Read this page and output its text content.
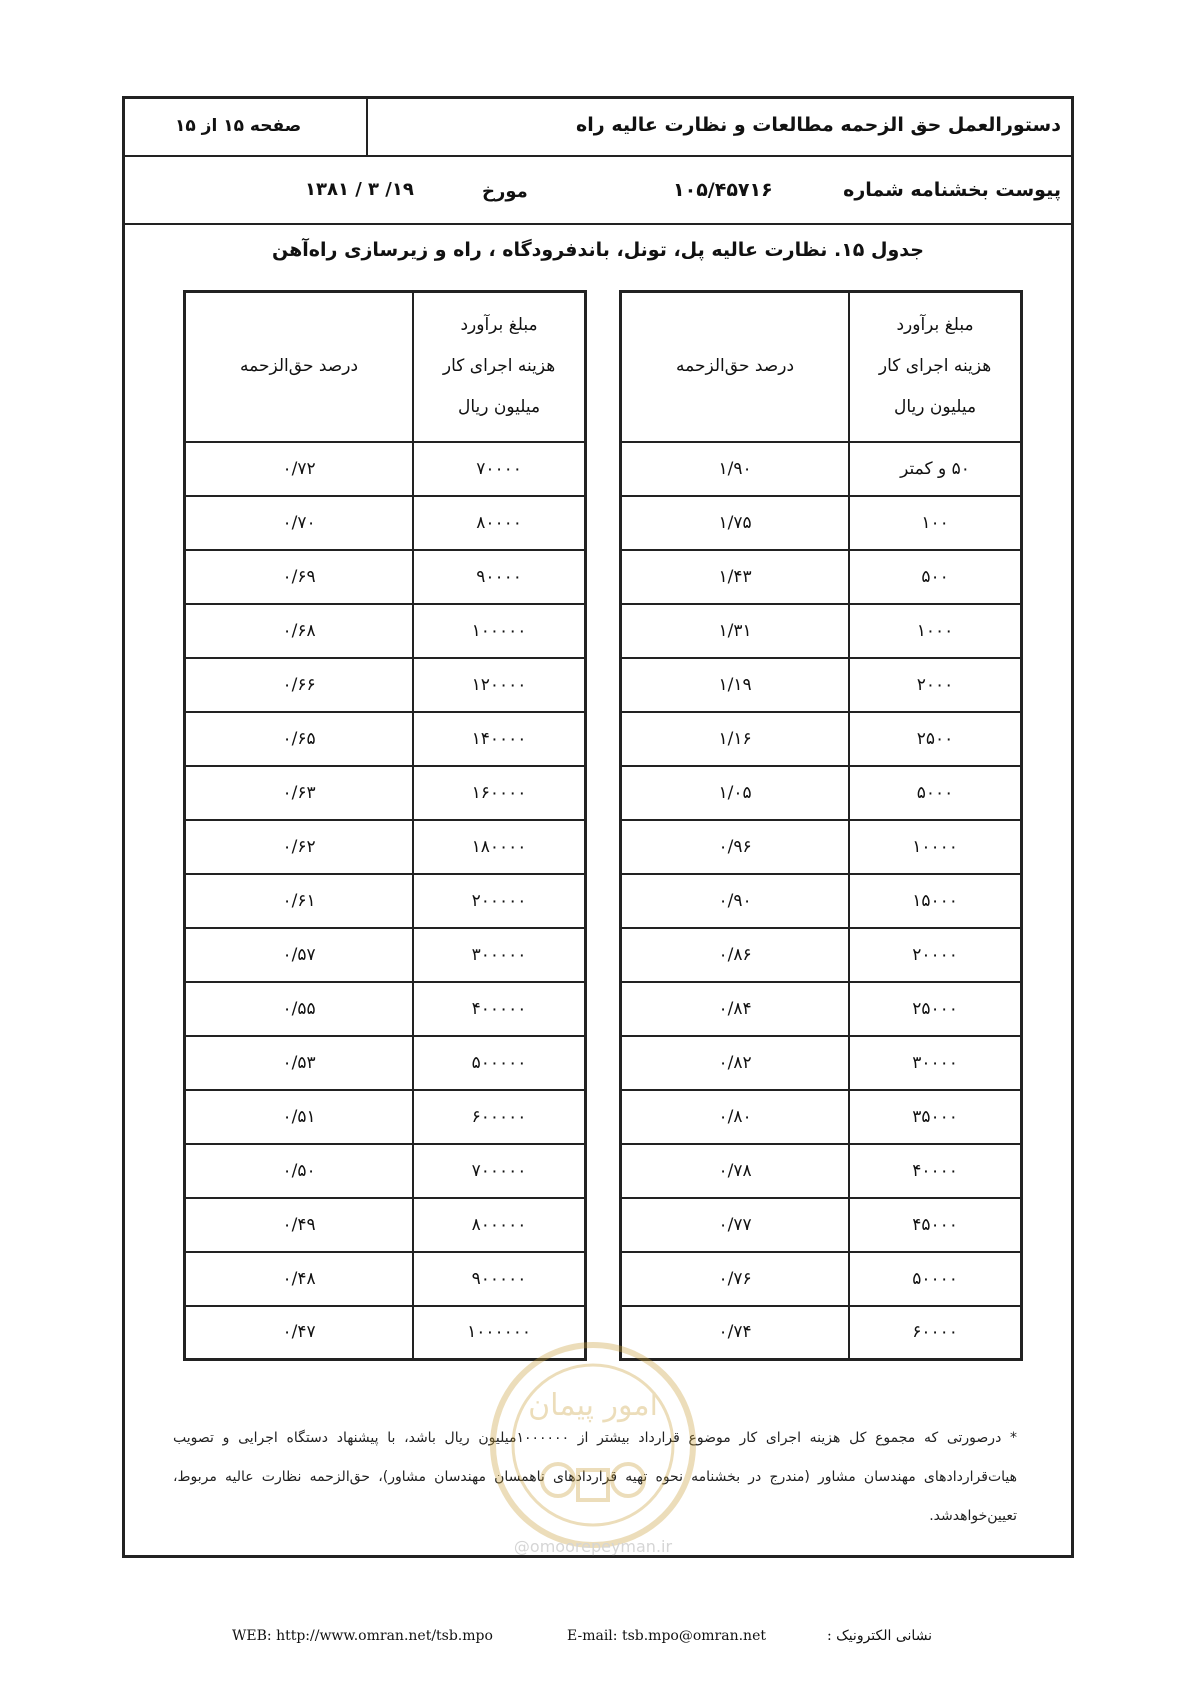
صفحه ۱۵ از ۱۵	دستورالعمل حق الزحمه مطالعات و نظارت عالیه راه
پیوست بخشنامه شماره
۱۰۵/۴۵۷۱۶
مورخ
۱۳۸۱ / ۳ /۱۹
جدول ۱۵. نظارت عالیه پل، تونل، باندفرودگاه ، راه و زیرسازی راه‌آهن
مبلغ برآورد
هزینه اجرای کار
میلیون ریال	درصد حق‌الزحمه
۵۰ و کمتر	۱/۹۰
۱۰۰	۱/۷۵
۵۰۰	۱/۴۳
۱۰۰۰	۱/۳۱
۲۰۰۰	۱/۱۹
۲۵۰۰	۱/۱۶
۵۰۰۰	۱/۰۵
۱۰۰۰۰	۰/۹۶
۱۵۰۰۰	۰/۹۰
۲۰۰۰۰	۰/۸۶
۲۵۰۰۰	۰/۸۴
۳۰۰۰۰	۰/۸۲
۳۵۰۰۰	۰/۸۰
۴۰۰۰۰	۰/۷۸
۴۵۰۰۰	۰/۷۷
۵۰۰۰۰	۰/۷۶
۶۰۰۰۰	۰/۷۴
مبلغ برآورد
هزینه اجرای کار
میلیون ریال	درصد حق‌الزحمه
۷۰۰۰۰	۰/۷۲
۸۰۰۰۰	۰/۷۰
۹۰۰۰۰	۰/۶۹
۱۰۰۰۰۰	۰/۶۸
۱۲۰۰۰۰	۰/۶۶
۱۴۰۰۰۰	۰/۶۵
۱۶۰۰۰۰	۰/۶۳
۱۸۰۰۰۰	۰/۶۲
۲۰۰۰۰۰	۰/۶۱
۳۰۰۰۰۰	۰/۵۷
۴۰۰۰۰۰	۰/۵۵
۵۰۰۰۰۰	۰/۵۳
۶۰۰۰۰۰	۰/۵۱
۷۰۰۰۰۰	۰/۵۰
۸۰۰۰۰۰	۰/۴۹
۹۰۰۰۰۰	۰/۴۸
۱۰۰۰۰۰۰	۰/۴۷
* درصورتی که مجموع کل هزینه اجرای کار موضوع قرارداد بیشتر از ۱۰۰۰۰۰۰میلیون ریال باشد، با پیشنهاد دستگاه اجرایی و تصویب هیات‌قراردادهای مهندسان مشاور (مندرج در بخشنامه نحوه تهیه قراردادهای ناهمسان مهندسان مشاور)، حق‌الزحمه نظارت عالیه مربوط، تعیین‌خواهدشد.
امور پیمان
@omoorepeyman.ir
WEB: http://www.omran.net/tsb.mpo	E-mail: tsb.mpo@omran.net	نشانی الکترونیک :
